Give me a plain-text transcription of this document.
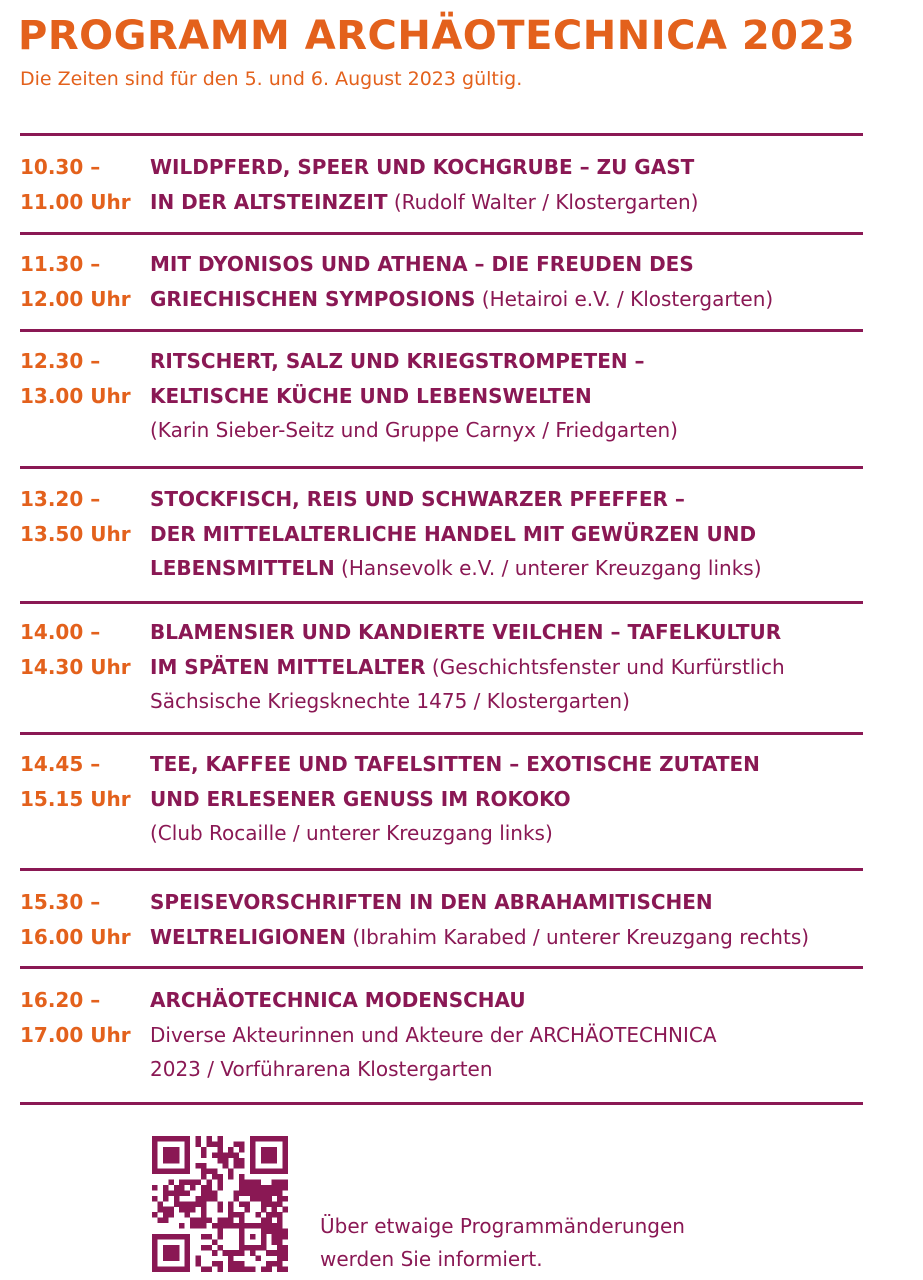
PROGRAMM ARCHÄOTECHNICA 2023
Die Zeiten sind für den 5. und 6. August 2023 gültig.
10.30 –
11.00 Uhr
WILDPFERD, SPEER UND KOCHGRUBE – ZU GAST
IN DER ALTSTEINZEIT (Rudolf Walter / Klostergarten)
11.30 –
12.00 Uhr
MIT DYONISOS UND ATHENA – DIE FREUDEN DES
GRIECHISCHEN SYMPOSIONS (Hetairoi e.V. / Klostergarten)
12.30 –
13.00 Uhr
RITSCHERT, SALZ UND KRIEGSTROMPETEN –
KELTISCHE KÜCHE UND LEBENSWELTEN
(Karin Sieber-Seitz und Gruppe Carnyx / Friedgarten)
13.20 –
13.50 Uhr
STOCKFISCH, REIS UND SCHWARZER PFEFFER –
DER MITTELALTERLICHE HANDEL MIT GEWÜRZEN UND
LEBENSMITTELN (Hansevolk e.V. / unterer Kreuzgang links)
14.00 –
14.30 Uhr
BLAMENSIER UND KANDIERTE VEILCHEN – TAFELKULTUR
IM SPÄTEN MITTELALTER (Geschichtsfenster und Kurfürstlich
Sächsische Kriegsknechte 1475 / Klostergarten)
14.45 –
15.15 Uhr
TEE, KAFFEE UND TAFELSITTEN – EXOTISCHE ZUTATEN
UND ERLESENER GENUSS IM ROKOKO
(Club Rocaille / unterer Kreuzgang links)
15.30 –
16.00 Uhr
SPEISEVORSCHRIFTEN IN DEN ABRAHAMITISCHEN
WELTRELIGIONEN (Ibrahim Karabed / unterer Kreuzgang rechts)
16.20 –
17.00 Uhr
ARCHÄOTECHNICA MODENSCHAU
Diverse Akteurinnen und Akteure der ARCHÄOTECHNICA
2023 / Vorführarena Klostergarten
Über etwaige Programmänderungen
werden Sie informiert.
